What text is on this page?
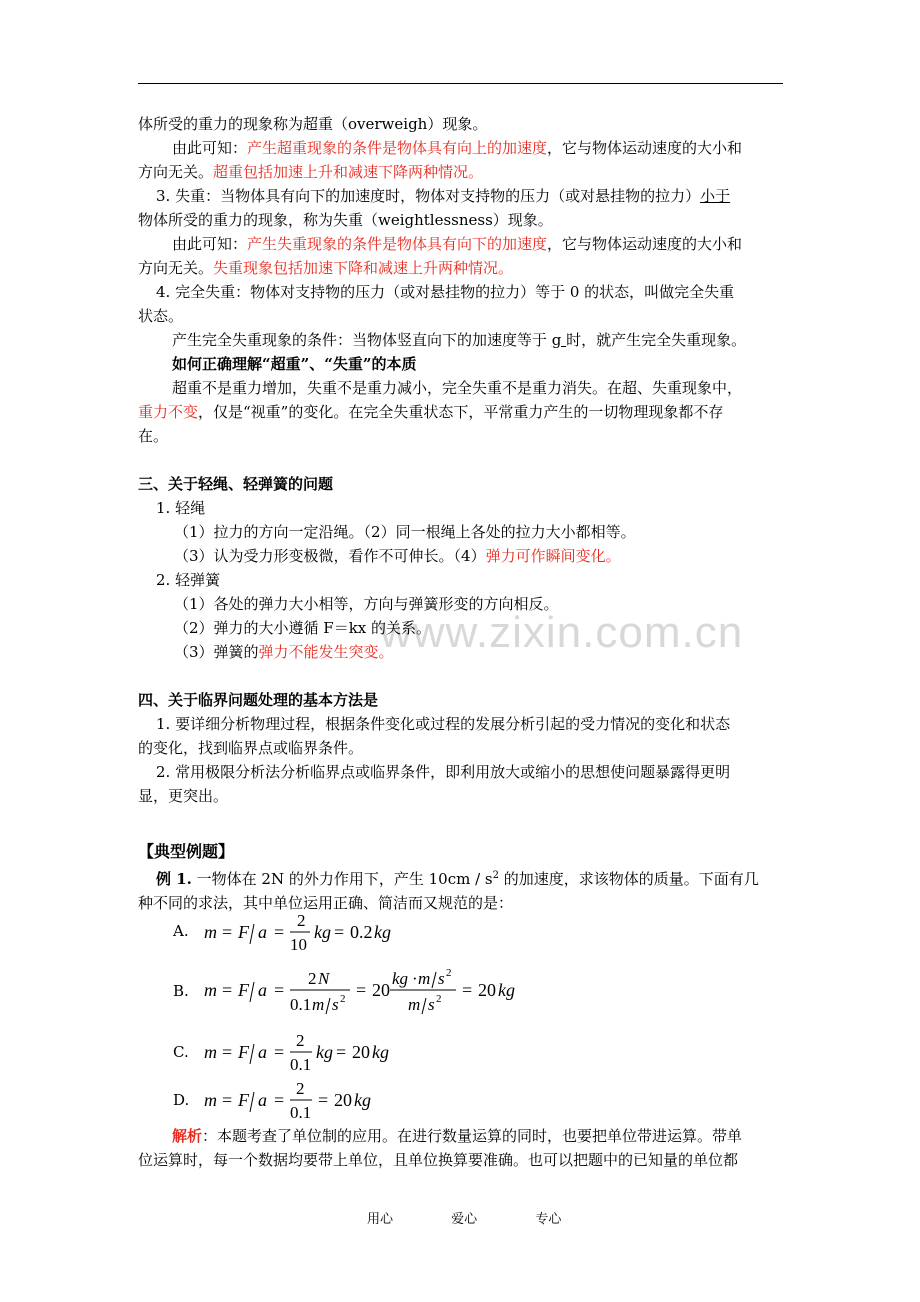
www.zixin.com.cn

体所受的重力的现象称为超重（overweigh）现象。

由此可知：产生超重现象的条件是物体具有向上的加速度，它与物体运动速度的大小和

方向无关。超重包括加速上升和减速下降两种情况。

3. 失重：当物体具有向下的加速度时，物体对支持物的压力（或对悬挂物的拉力）小于

物体所受的重力的现象，称为失重（weightlessness）现象。

由此可知：产生失重现象的条件是物体具有向下的加速度，它与物体运动速度的大小和

方向无关。失重现象包括加速下降和减速上升两种情况。

4. 完全失重：物体对支持物的压力（或对悬挂物的拉力）等于 0 的状态，叫做完全失重

状态。

产生完全失重现象的条件：当物体竖直向下的加速度等于 g 时，就产生完全失重现象。

如何正确理解“超重”、“失重”的本质

超重不是重力增加，失重不是重力减小，完全失重不是重力消失。在超、失重现象中，

重力不变，仅是“视重”的变化。在完全失重状态下，平常重力产生的一切物理现象都不存

在。

三、关于轻绳、轻弹簧的问题

1. 轻绳

（1）拉力的方向一定沿绳。（2）同一根绳上各处的拉力大小都相等。

（3）认为受力形变极微，看作不可伸长。（4）弹力可作瞬间变化。

2. 轻弹簧

（1）各处的弹力大小相等，方向与弹簧形变的方向相反。

（2）弹力的大小遵循 F＝kx 的关系。

（3）弹簧的弹力不能发生突变。

四、关于临界问题处理的基本方法是

1. 要详细分析物理过程，根据条件变化或过程的发展分析引起的受力情况的变化和状态

的变化，找到临界点或临界条件。

2. 常用极限分析法分析临界点或临界条件，即利用放大或缩小的思想使问题暴露得更明

显，更突出。

【典型例题】

例 1. 一物体在 2N 的外力作用下，产生 $10cm / s^2$ 的加速度，求该物体的质量。下面有几

种不同的求法，其中单位运用正确、简洁而又规范的是：

A. m = F a =
2
10
kg = 0.2 kg
B. m = F a =
2 N
0.1 m s 2 = 20
kg · m s 2
m s 2 = 20 kg
C. m = F a =
2
0.1
kg = 20 kg
D. m = F a =
2
0.1
= 20 kg

解析：本题考查了单位制的应用。在进行数量运算的同时，也要把单位带进运算。带单

位运算时，每一个数据均要带上单位，且单位换算要准确。也可以把题中的已知量的单位都

用心	爱心	专心
